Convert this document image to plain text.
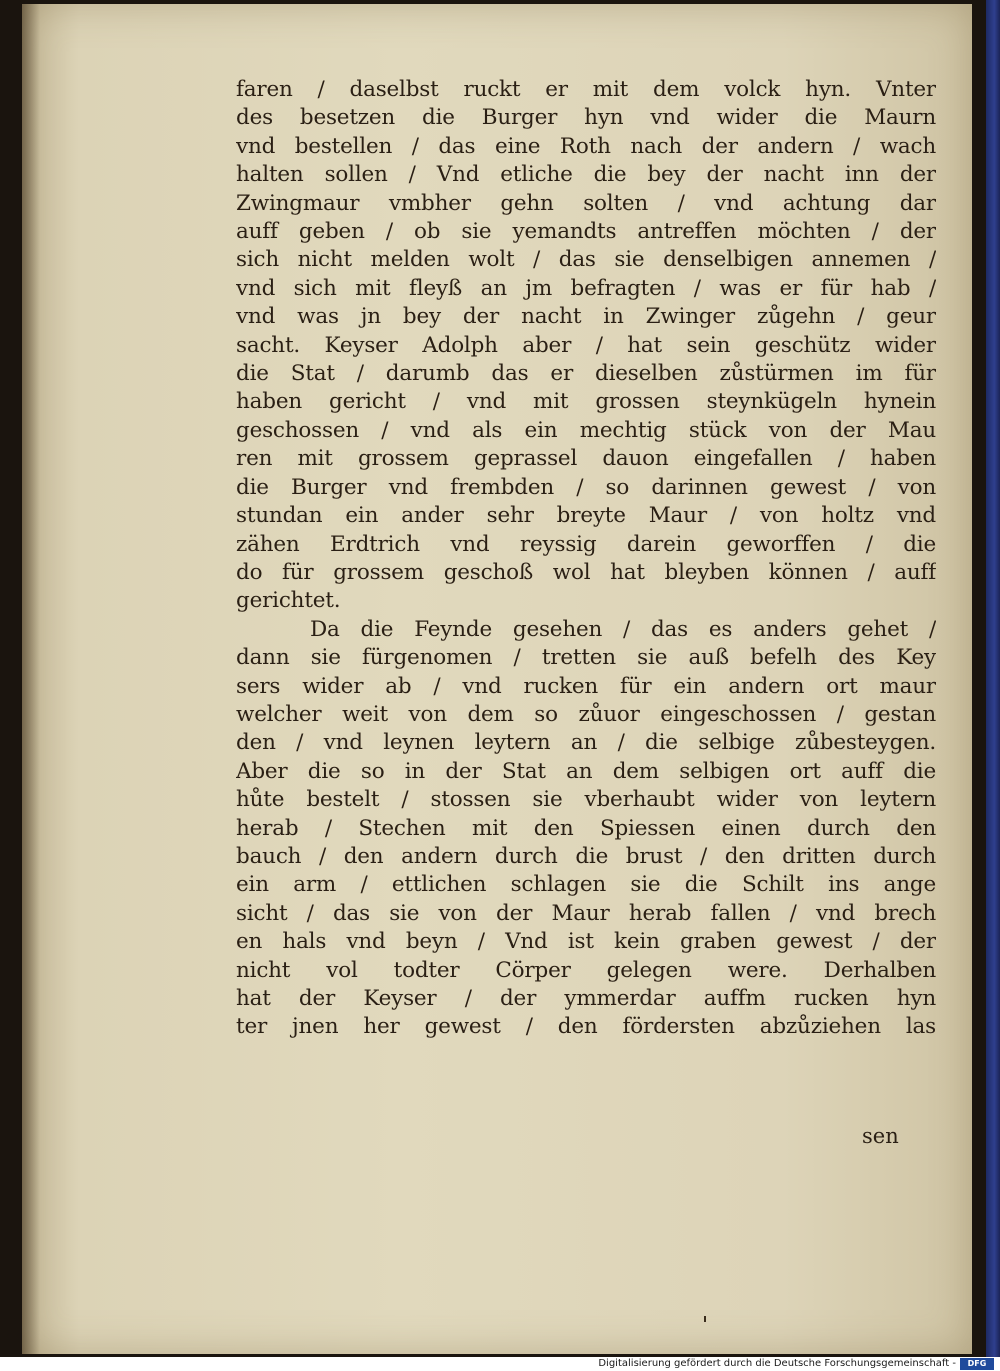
faren / daselbst ruckt er mit dem volck hyn. Vnter
des besetzen die Burger hyn vnd wider die Maurn
vnd bestellen / das eine Roth nach der andern / wach
halten sollen / Vnd etliche die bey der nacht inn der
Zwingmaur vmbher gehn solten / vnd achtung dar
auff geben / ob sie yemandts antreffen möchten / der
sich nicht melden wolt / das sie denselbigen annemen /
vnd sich mit fleyß an jm befragten / was er für hab /
vnd was jn bey der nacht in Zwinger zůgehn / geur
sacht. Keyser Adolph aber / hat sein geschütz wider
die Stat / darumb das er dieselben zůstürmen im für
haben gericht / vnd mit grossen steynkügeln hynein
geschossen / vnd als ein mechtig stück von der Mau
ren mit grossem geprassel dauon eingefallen / haben
die Burger vnd frembden / so darinnen gewest / von
stundan ein ander sehr breyte Maur / von holtz vnd
zähen Erdtrich vnd reyssig darein geworffen / die
do für grossem geschoß wol hat bleyben können / auff
gerichtet.
Da die Feynde gesehen / das es anders gehet /
dann sie fürgenomen / tretten sie auß befelh des Key
sers wider ab / vnd rucken für ein andern ort maur
welcher weit von dem so zůuor eingeschossen / gestan
den / vnd leynen leytern an / die selbige zůbesteygen.
Aber die so in der Stat an dem selbigen ort auff die
hůte bestelt / stossen sie vberhaubt wider von leytern
herab / Stechen mit den Spiessen einen durch den
bauch / den andern durch die brust / den dritten durch
ein arm / ettlichen schlagen sie die Schilt ins ange
sicht / das sie von der Maur herab fallen / vnd brech
en hals vnd beyn / Vnd ist kein graben gewest / der
nicht vol todter Cörper gelegen were. Derhalben
hat der Keyser / der ymmerdar auffm rucken hyn
ter jnen her gewest / den fördersten abzůziehen las
sen
Digitalisierung gefördert durch die Deutsche Forschungsgemeinschaft -	DFG
